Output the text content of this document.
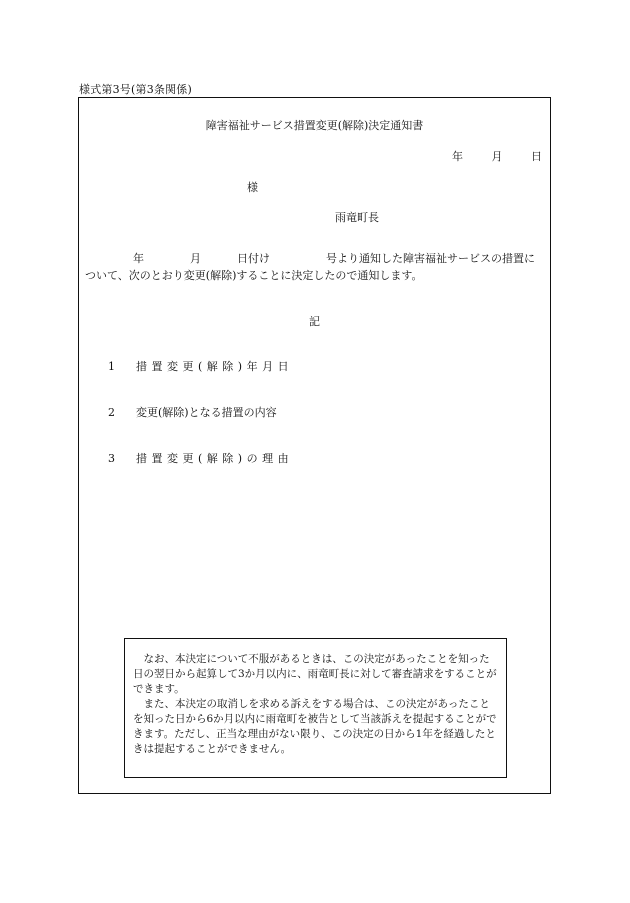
様式第3号(第3条関係)
障害福祉サービス措置変更(解除)決定通知書
年	月	日
様
雨竜町長
年	月	日付け	号より通知した障害福祉サービスの措置に
ついて、次のとおり変更(解除)することに決定したので通知します。
記
1 措置変更(解除)年月日
2 変更(解除)となる措置の内容
3 措置変更(解除)の理由

なお、本決定について不服があるときは、この決定があったことを知った日の翌日から起算して3か月以内に、雨竜町長に対して審査請求をすることができます。

また、本決定の取消しを求める訴えをする場合は、この決定があったことを知った日から6か月以内に雨竜町を被告として当該訴えを提起することができます。ただし、正当な理由がない限り、この決定の日から1年を経過したときは提起することができません。
